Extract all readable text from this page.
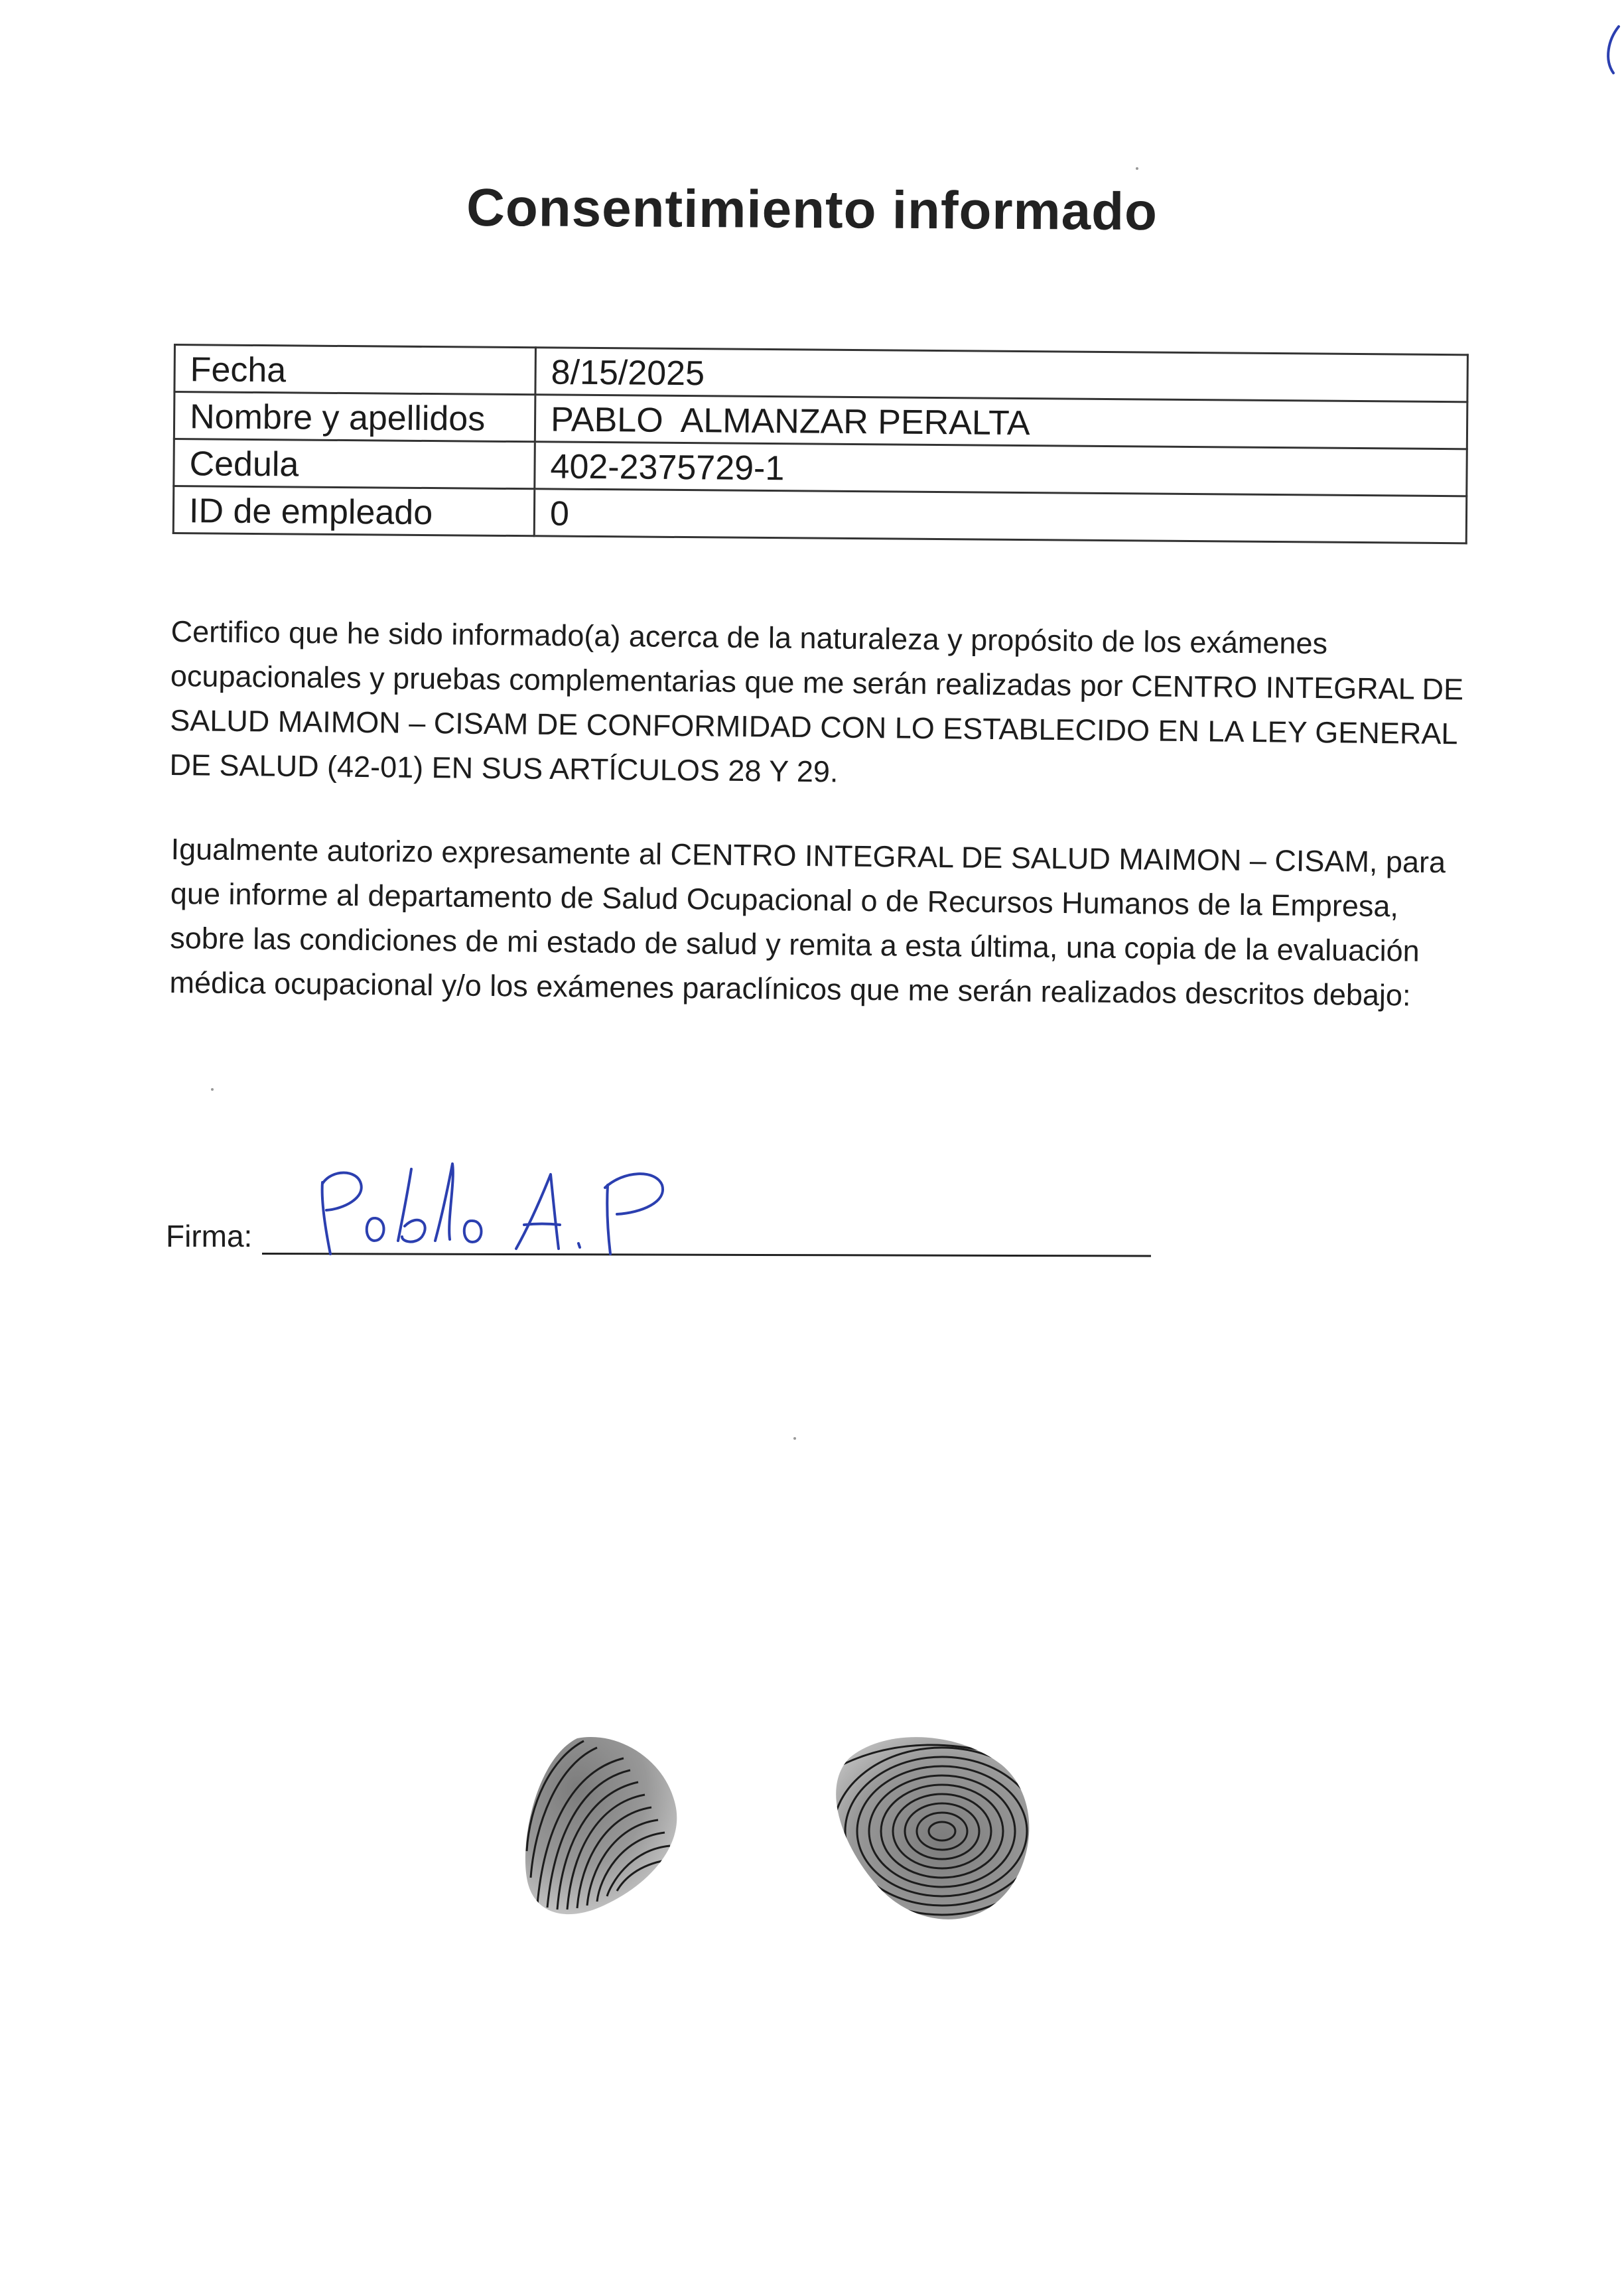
Consentimiento informado
Fecha	8/15/2025
Nombre y apellidos	PABLO  ALMANZAR PERALTA
Cedula	402-2375729-1
ID de empleado	0
Certifico que he sido informado(a) acerca de la naturaleza y propósito de los exámenes ocupacionales y pruebas complementarias que me serán realizadas por CENTRO INTEGRAL DE SALUD MAIMON – CISAM DE CONFORMIDAD CON LO ESTABLECIDO EN LA LEY GENERAL DE SALUD (42-01) EN SUS ARTÍCULOS 28 Y 29.
Igualmente autorizo expresamente al CENTRO INTEGRAL DE SALUD MAIMON – CISAM, para que informe al departamento de Salud Ocupacional o de Recursos Humanos de la Empresa, sobre las condiciones de mi estado de salud y remita a esta última, una copia de la evaluación médica ocupacional y/o los exámenes paraclínicos que me serán realizados descritos debajo:
Firma:
